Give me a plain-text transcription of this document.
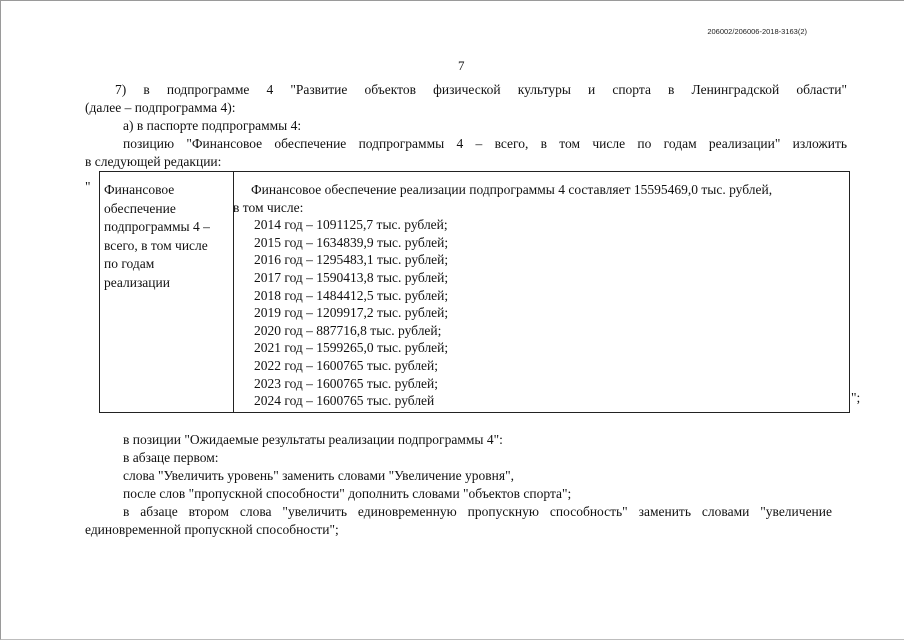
206002/206006-2018-3163(2)
7
7) в подпрограмме 4 "Развитие объектов физической культуры и спорта в Ленинградской области"
(далее – подпрограмма 4):
а) в паспорте подпрограммы 4:
позицию "Финансовое обеспечение подпрограммы 4 – всего, в том числе по годам реализации" изложить
в следующей редакции:
" Финансовое
обеспечение
подпрограммы 4 –
всего, в том числе
по годам
реализации
Финансовое обеспечение реализации подпрограммы 4 составляет 15595469,0 тыс. рублей,
в том числе:
2014 год – 1091125,7 тыс. рублей;
2015 год – 1634839,9 тыс. рублей;
2016 год – 1295483,1 тыс. рублей;
2017 год – 1590413,8 тыс. рублей;
2018 год – 1484412,5 тыс. рублей;
2019 год – 1209917,2 тыс. рублей;
2020 год – 887716,8 тыс. рублей;
2021 год – 1599265,0 тыс. рублей;
2022 год – 1600765 тыс. рублей;
2023 год – 1600765 тыс. рублей;
2024 год – 1600765 тыс. рублей	";
в позиции "Ожидаемые результаты реализации подпрограммы 4":
в абзаце первом:
слова "Увеличить уровень" заменить словами "Увеличение уровня",
после слов "пропускной способности" дополнить словами "объектов спорта";
в абзаце втором слова "увеличить единовременную пропускную способность" заменить словами "увеличение
единовременной пропускной способности";
